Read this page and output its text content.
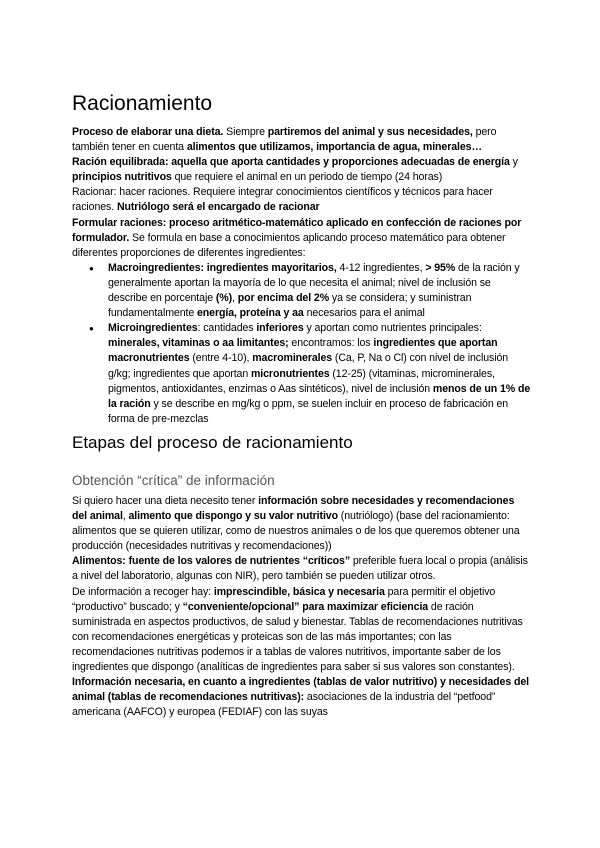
Racionamiento

Proceso de elaborar una dieta. Siempre partiremos del animal y sus necesidades, pero también tener en cuenta alimentos que utilizamos, importancia de agua, minerales…

Ración equilibrada: aquella que aporta cantidades y proporciones adecuadas de energía y principios nutritivos que requiere el animal en un periodo de tiempo (24 horas)

Racionar: hacer raciones. Requiere integrar conocimientos científicos y técnicos para hacer raciones. Nutriólogo será el encargado de racionar

Formular raciones: proceso aritmético-matemático aplicado en confección de raciones por formulador. Se formula en base a conocimientos aplicando proceso matemático para obtener diferentes proporciones de diferentes ingredientes:

● Macroingredientes: ingredientes mayoritarios, 4-12 ingredientes, > 95% de la ración y generalmente aportan la mayoría de lo que necesita el animal; nivel de inclusión se describe en porcentaje (%), por encima del 2% ya se considera; y suministran fundamentalmente energía, proteína y aa necesarios para el animal
● Microingredientes: cantidades inferiores y aportan como nutrientes principales: minerales, vitaminas o aa limitantes; encontramos: los ingredientes que aportan macronutrientes (entre 4-10), macrominerales (Ca, P, Na o Cl) con nivel de inclusión g/kg; ingredientes que aportan micronutrientes (12-25) (vitaminas, microminerales, pigmentos, antioxidantes, enzimas o Aas sintéticos), nivel de inclusión menos de un 1% de la ración y se describe en mg/kg o ppm, se suelen incluir en proceso de fabricación en forma de pre-mezclas
Etapas del proceso de racionamiento
Obtención “crítica” de información

Si quiero hacer una dieta necesito tener información sobre necesidades y recomendaciones del animal, alimento que dispongo y su valor nutritivo (nutriólogo) (base del racionamiento: alimentos que se quieren utilizar, como de nuestros animales o de los que queremos obtener una producción (necesidades nutritivas y recomendaciones))

Alimentos: fuente de los valores de nutrientes “críticos” preferible fuera local o propia (análisis a nivel del laboratorio, algunas con NIR), pero también se pueden utilizar otros.

De información a recoger hay: imprescindible, básica y necesaria para permitir el objetivo “productivo” buscado; y “conveniente/opcional” para maximizar eficiencia de ración suministrada en aspectos productivos, de salud y bienestar. Tablas de recomendaciones nutritivas con recomendaciones energéticas y proteicas son de las más importantes; con las recomendaciones nutritivas podemos ir a tablas de valores nutritivos, importante saber de los ingredientes que dispongo (analíticas de ingredientes para saber si sus valores son constantes). Información necesaria, en cuanto a ingredientes (tablas de valor nutritivo) y necesidades del animal (tablas de recomendaciones nutritivas): asociaciones de la industria del “petfood” americana (AAFCO) y europea (FEDIAF) con las suyas
